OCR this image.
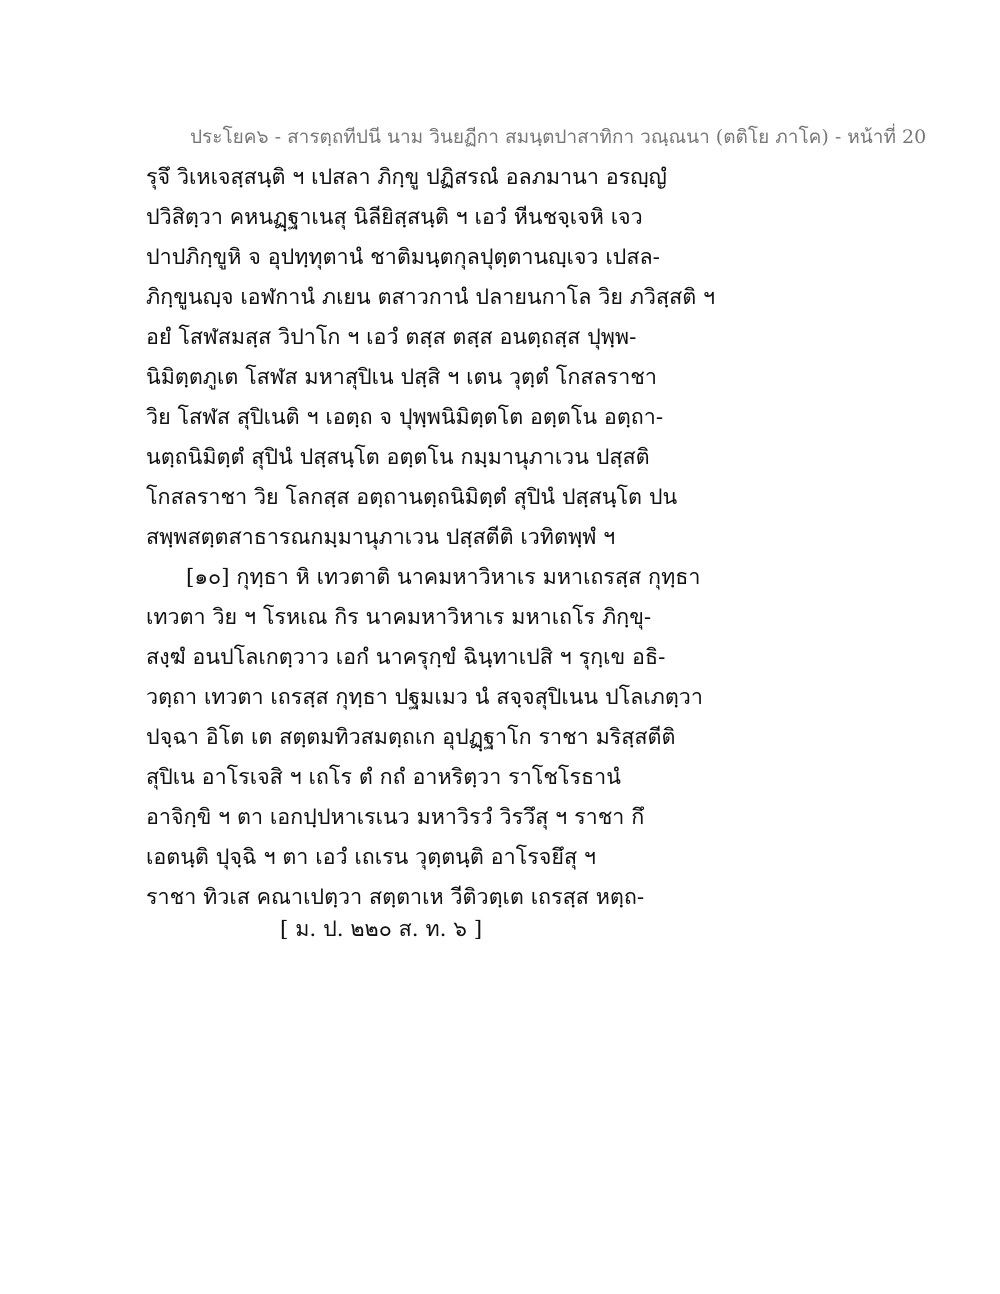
ประโยค๖ - สารตฺถทีปนี นาม วินยฏีกา สมนฺตปาสาทิกา วณฺณนา (ตติโย ภาโค) - หน้าที่ 20
รุจึ วิเหเจสฺสนฺติ ฯ เปสลา ภิกฺขู ปฏิสรณํ อลภมานา อรญฺญํ
ปวิสิตฺวา คหนฏฺฐาเนสุ นิลียิสฺสนฺติ ฯ เอวํ หีนชจฺเจหิ เจว
ปาปภิกฺขูหิ จ อุปทฺทุตานํ ชาติมนฺตกุลปุตฺตานญฺเจว เปสล-
ภิกฺขูนญฺจ เอฬกานํ ภเยน ตสาวกานํ ปลายนกาโล วิย ภวิสฺสติ ฯ
อยํ โสฬสมสฺส วิปาโก ฯ เอวํ ตสฺส ตสฺส อนตฺถสฺส ปุพฺพ-
นิมิตฺตภูเต โสฬส มหาสุปิเน ปสฺสิ ฯ เตน วุตฺตํ โกสลราชา
วิย โสฬส สุปิเนติ ฯ เอตฺถ จ ปุพฺพนิมิตฺตโต อตฺตโน อตฺถา-
นตฺถนิมิตฺตํ สุปินํ ปสฺสนฺโต อตฺตโน กมฺมานุภาเวน ปสฺสติ
โกสลราชา วิย โลกสฺส อตฺถานตฺถนิมิตฺตํ สุปินํ ปสฺสนฺโต ปน
สพฺพสตฺตสาธารณกมฺมานุภาเวน ปสฺสตีติ เวทิตพฺพํ ฯ
[๑๐] กุทฺธา หิ เทวตาติ นาคมหาวิหาเร มหาเถรสฺส กุทฺธา
เทวตา วิย ฯ โรหเณ กิร นาคมหาวิหาเร มหาเถโร ภิกฺขุ-
สงฺฆํ อนปโลเกตฺวาว เอกํ นาครุกฺขํ ฉินฺทาเปสิ ฯ รุกฺเข อธิ-
วตฺถา เทวตา เถรสฺส กุทฺธา ปฐมเมว นํ สจฺจสุปิเนน ปโลเภตฺวา
ปจฺฉา อิโต เต สตฺตมทิวสมตฺถเก อุปฏฺฐาโก ราชา มริสฺสตีติ
สุปิเน อาโรเจสิ ฯ เถโร ตํ กถํ อาหริตฺวา ราโชโรธานํ
อาจิกฺขิ ฯ ตา เอกปฺปหาเรเนว มหาวิรวํ วิรวึสุ ฯ ราชา กึ
เอตนฺติ ปุจฺฉิ ฯ ตา เอวํ เถเรน วุตฺตนฺติ อาโรจยึสุ ฯ
ราชา ทิวเส คณาเปตฺวา สตฺตาเห วีติวตฺเต เถรสฺส หตฺถ-
[ ม. ป. ๒๒๐ ส. ท. ๖ ]
